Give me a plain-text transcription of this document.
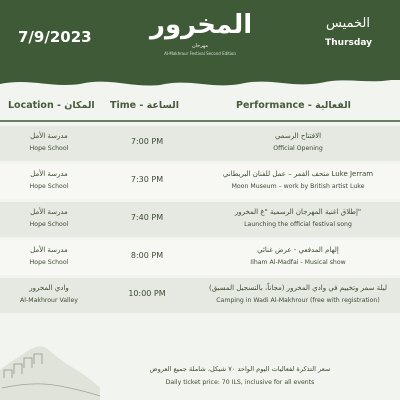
7/9/2023 المخرور
مهرجان
Al-Makhrour Festival Second Edition
الخميس
Thursday
Location - المكان Time - الساعة	Performance - الفعالية
مدرسة الأمل
Hope School
7:00 PM
الافتتاح الرسمي
Official Opening
مدرسة الأمل
Hope School
7:30 PM
متحف القمر – عمل للفنان البريطاني Luke Jerram
Moon Museum – work by British artist Luke
مدرسة الأمل
Hope School
7:40 PM
إطلاق اغنية المهرجان الرسمية "غ المخرور"
Launching the official festival song
مدرسة الأمل
Hope School
8:00 PM
إلهام المدفعي - عرض غنائي
Ilham Al-Madfai - Musical show
وادي المخرور
Al-Makhrour Valley
10:00 PM
ليلة سمر وتخييم في وادي المخرور (مجاناً، بالتسجيل المسبق)
Camping in Wadi Al-Makhrour (free with registration)
سعر التذكرة لفعاليات اليوم الواحد ٧٠ شيكل، شاملة جميع العروض
Daily ticket price: 70 ILS, inclusive for all events
